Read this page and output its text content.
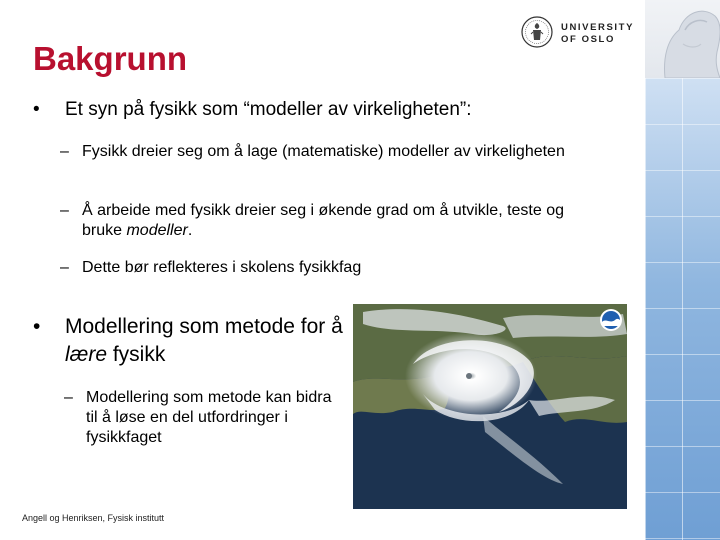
UNIVERSITY
OF OSLO
Bakgrunn
• Et syn på fysikk som “modeller av virkeligheten”:
– Fysikk dreier seg om å lage (matematiske) modeller av virkeligheten
– Å arbeide med fysikk dreier seg i økende grad om å utvikle, teste og bruke modeller.
– Dette bør reflekteres i skolens fysikkfag
• Modellering som metode for å lære fysikk
– Modellering som metode kan bidra til å løse en del utfordringer i fysikkfaget
Angell og Henriksen, Fysisk institutt
